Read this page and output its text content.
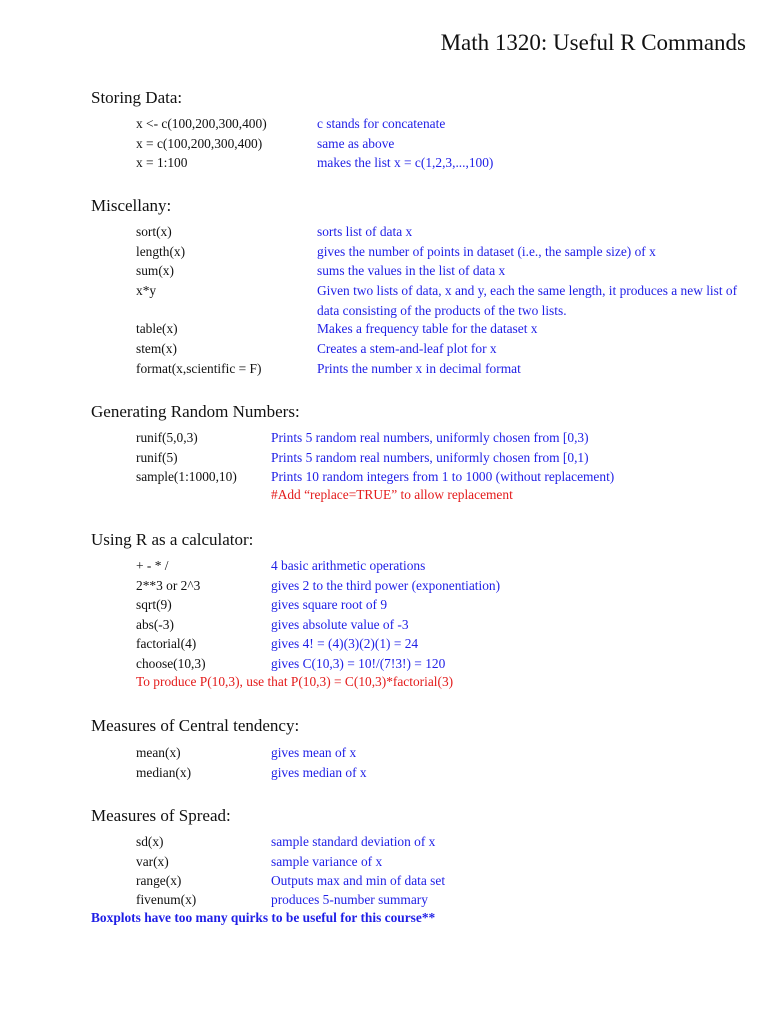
Math 1320: Useful R Commands
Storing Data:
x <- c(100,200,300,400)	c stands for concatenate
x = c(100,200,300,400)	same as above
x = 1:100	makes the list x = c(1,2,3,...,100)
Miscellany:
sort(x)	sorts list of data x
length(x)	gives the number of points in dataset (i.e., the sample size) of x
sum(x)	sums the values in the list of data x
x*y	Given two lists of data, x and y, each the same length, it produces a new list of data consisting of the products of the two lists.
table(x)	Makes a frequency table for the dataset x
stem(x)	Creates a stem-and-leaf plot for x
format(x,scientific = F)	Prints the number x in decimal format
Generating Random Numbers:
runif(5,0,3)	Prints 5 random real numbers, uniformly chosen from [0,3)
runif(5)	Prints 5 random real numbers, uniformly chosen from [0,1)
sample(1:1000,10)	Prints 10 random integers from 1 to 1000 (without replacement)
#Add “replace=TRUE” to allow replacement
Using R as a calculator:
+ - * /	4 basic arithmetic operations
2**3 or 2^3	gives 2 to the third power (exponentiation)
sqrt(9)	gives square root of 9
abs(-3)	gives absolute value of -3
factorial(4)	gives 4! = (4)(3)(2)(1) = 24
choose(10,3)	gives C(10,3) = 10!/(7!3!) = 120
To produce P(10,3), use that P(10,3) = C(10,3)*factorial(3)
Measures of Central tendency:
mean(x)	gives mean of x
median(x)	gives median of x
Measures of Spread:
sd(x)	sample standard deviation of x
var(x)	sample variance of x
range(x)	Outputs max and min of data set
fivenum(x)	produces 5-number summary
Boxplots have too many quirks to be useful for this course**
